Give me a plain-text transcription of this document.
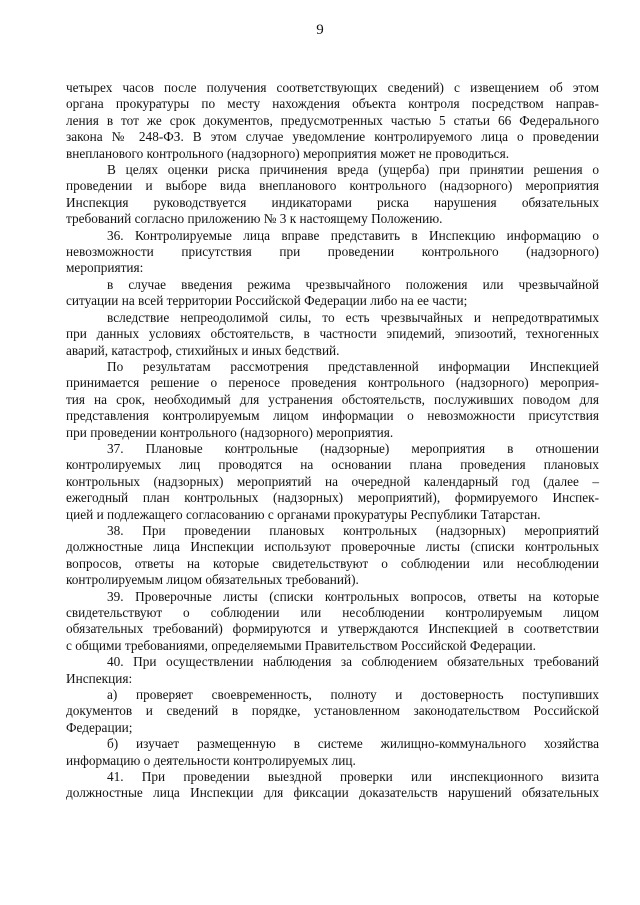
9

четырех часов после получения соответствующих сведений) с извещением об этом

органа прокуратуры по месту нахождения объекта контроля посредством направ-

ления в тот же срок документов, предусмотренных частью 5 статьи 66 Федерального

закона № 248-ФЗ. В этом случае уведомление контролируемого лица о проведении

внепланового контрольного (надзорного) мероприятия может не проводиться.

В целях оценки риска причинения вреда (ущерба) при принятии решения о

проведении и выборе вида внепланового контрольного (надзорного) мероприятия

Инспекция руководствуется индикаторами риска нарушения обязательных

требований согласно приложению № 3 к настоящему Положению.

36. Контролируемые лица вправе представить в Инспекцию информацию о

невозможности присутствия при проведении контрольного (надзорного)

мероприятия:

в случае введения режима чрезвычайного положения или чрезвычайной

ситуации на всей территории Российской Федерации либо на ее части;

вследствие непреодолимой силы, то есть чрезвычайных и непредотвратимых

при данных условиях обстоятельств, в частности эпидемий, эпизоотий, техногенных

аварий, катастроф, стихийных и иных бедствий.

По результатам рассмотрения представленной информации Инспекцией

принимается решение о переносе проведения контрольного (надзорного) мероприя-

тия на срок, необходимый для устранения обстоятельств, послуживших поводом для

представления контролируемым лицом информации о невозможности присутствия

при проведении контрольного (надзорного) мероприятия.

37. Плановые контрольные (надзорные) мероприятия в отношении

контролируемых лиц проводятся на основании плана проведения плановых

контрольных (надзорных) мероприятий на очередной календарный год (далее –

ежегодный план контрольных (надзорных) мероприятий), формируемого Инспек-

цией и подлежащего согласованию с органами прокуратуры Республики Татарстан.

38. При проведении плановых контрольных (надзорных) мероприятий

должностные лица Инспекции используют проверочные листы (списки контрольных

вопросов, ответы на которые свидетельствуют о соблюдении или несоблюдении

контролируемым лицом обязательных требований).

39. Проверочные листы (списки контрольных вопросов, ответы на которые

свидетельствуют о соблюдении или несоблюдении контролируемым лицом

обязательных требований) формируются и утверждаются Инспекцией в соответствии

с общими требованиями, определяемыми Правительством Российской Федерации.

40. При осуществлении наблюдения за соблюдением обязательных требований

Инспекция:

а) проверяет своевременность, полноту и достоверность поступивших

документов и сведений в порядке, установленном законодательством Российской

Федерации;

б) изучает размещенную в системе жилищно-коммунального хозяйства

информацию о деятельности контролируемых лиц.

41. При проведении выездной проверки или инспекционного визита

должностные лица Инспекции для фиксации доказательств нарушений обязательных
